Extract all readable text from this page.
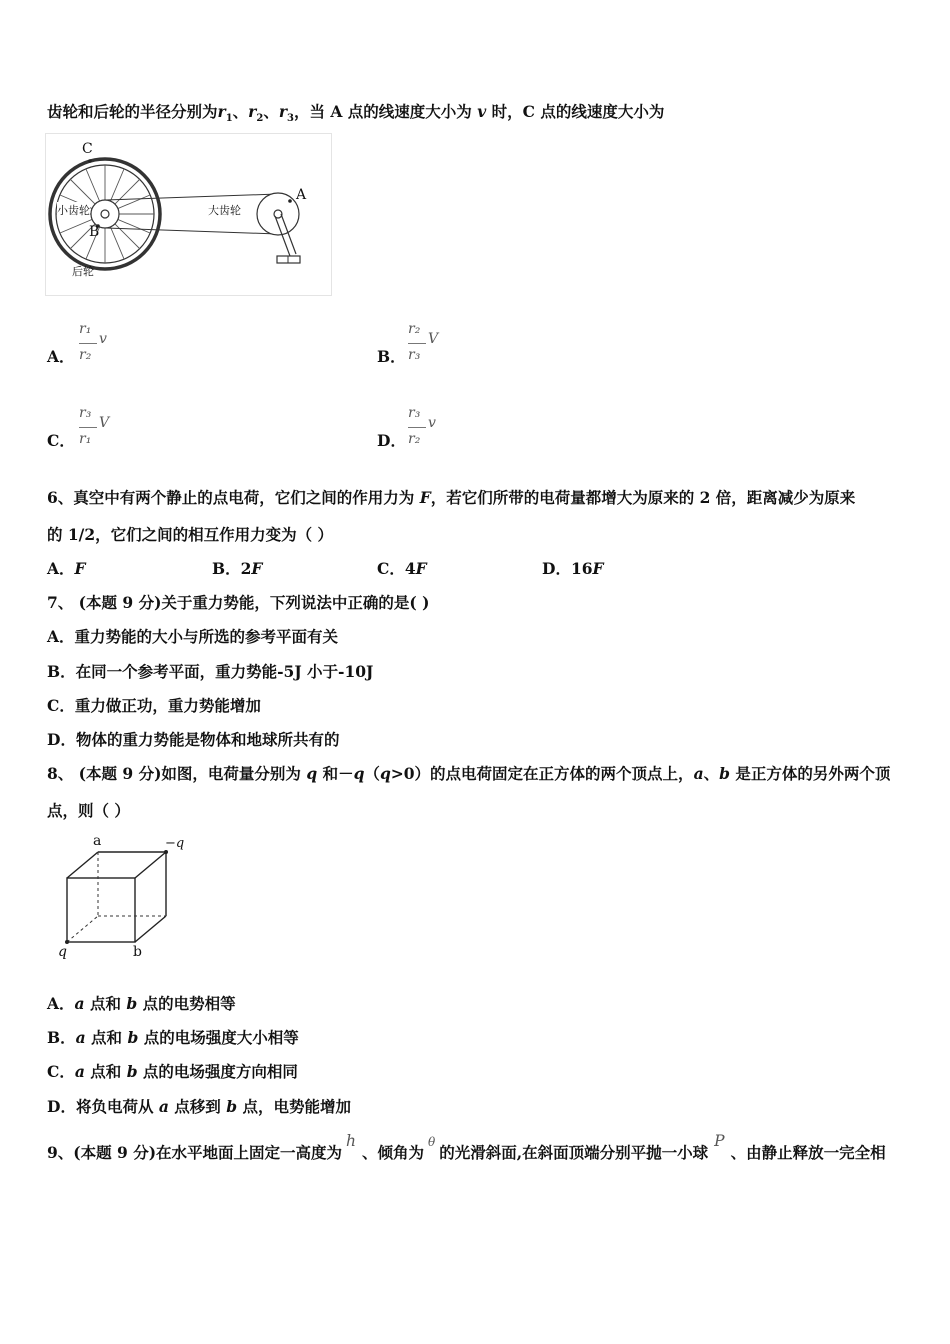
齿轮和后轮的半径分别为$r_1$、$r_2$、$r_3$，当 A 点的线速度大小为 v 时，C 点的线速度大小为
C
A
B
小齿轮	大齿轮
后轮
A．
r₁
r₂
v
B．
r₂
r₃
V
C．
r₃
r₁
V
D．
r₃
r₂
v
6、真空中有两个静止的点电荷，它们之间的作用力为 F，若它们所带的电荷量都增大为原来的 2 倍，距离减少为原来
的 1/2，它们之间的相互作用力变为（ ）
A．F	B．2F	C．4F	D．16F
7、 (本题 9 分)关于重力势能，下列说法中正确的是( )
A．重力势能的大小与所选的参考平面有关
B．在同一个参考平面，重力势能-5J 小于-10J
C．重力做正功，重力势能增加
D．物体的重力势能是物体和地球所共有的
8、 (本题 9 分)如图，电荷量分别为 q 和－q（q>0）的点电荷固定在正方体的两个顶点上，a、b 是正方体的另外两个顶
点，则（ ）
a	−q
q	b
A．a 点和 b 点的电势相等
B．a 点和 b 点的电场强度大小相等
C．a 点和 b 点的电场强度方向相同
D．将负电荷从 a 点移到 b 点，电势能增加
9、(本题 9 分)在水平地面上固定一高度为h、倾角为$^\theta$的光滑斜面,在斜面顶端分别平抛一小球P、由静止释放一完全相
